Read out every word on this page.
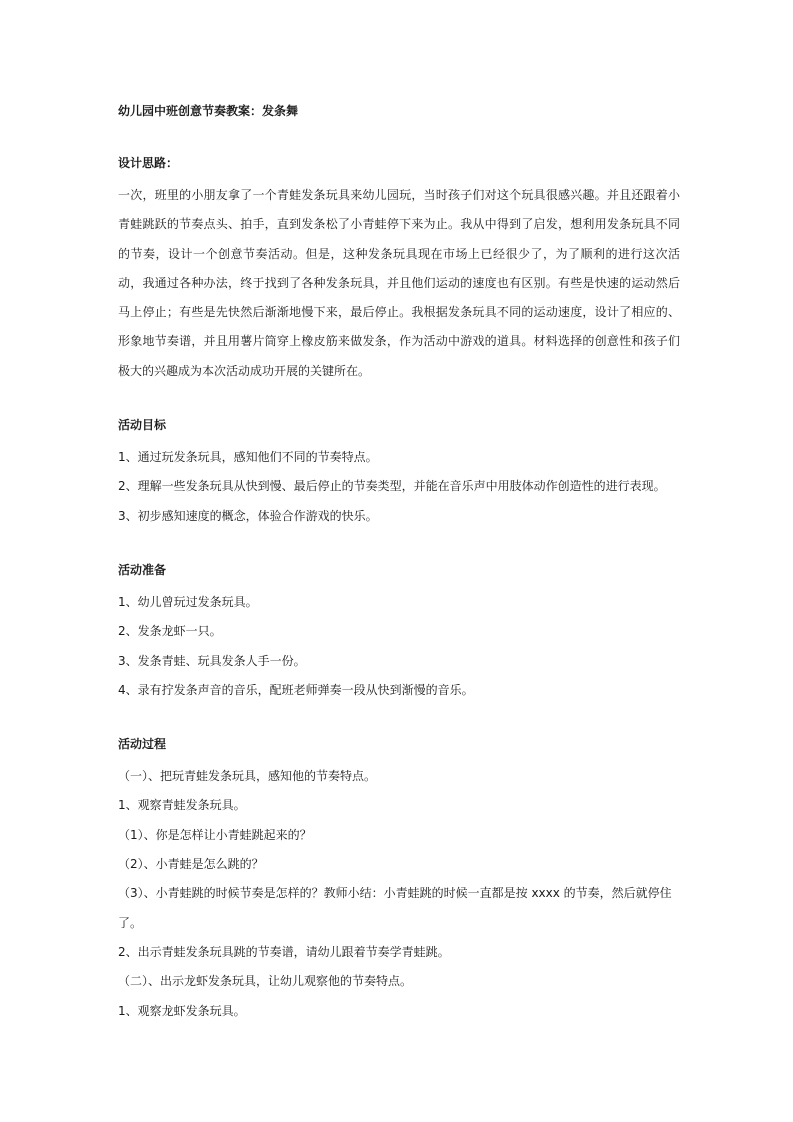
幼儿园中班创意节奏教案：发条舞
设计思路：

一次，班里的小朋友拿了一个青蛙发条玩具来幼儿园玩，当时孩子们对这个玩具很感兴趣。并且还跟着小青蛙跳跃的节奏点头、拍手，直到发条松了小青蛙停下来为止。我从中得到了启发，想利用发条玩具不同的节奏，设计一个创意节奏活动。但是，这种发条玩具现在市场上已经很少了，为了顺利的进行这次活动，我通过各种办法，终于找到了各种发条玩具，并且他们运动的速度也有区别。有些是快速的运动然后马上停止；有些是先快然后渐渐地慢下来，最后停止。我根据发条玩具不同的运动速度，设计了相应的、形象地节奏谱，并且用薯片筒穿上橡皮筋来做发条，作为活动中游戏的道具。材料选择的创意性和孩子们极大的兴趣成为本次活动成功开展的关键所在。

活动目标

1、通过玩发条玩具，感知他们不同的节奏特点。

2、理解一些发条玩具从快到慢、最后停止的节奏类型，并能在音乐声中用肢体动作创造性的进行表现。

3、初步感知速度的概念，体验合作游戏的快乐。

活动准备

1、幼儿曾玩过发条玩具。

2、发条龙虾一只。

3、发条青蛙、玩具发条人手一份。

4、录有拧发条声音的音乐，配班老师弹奏一段从快到渐慢的音乐。

活动过程

（一）、把玩青蛙发条玩具，感知他的节奏特点。

1、观察青蛙发条玩具。

（1）、你是怎样让小青蛙跳起来的？

（2）、小青蛙是怎么跳的？

（3）、小青蛙跳的时候节奏是怎样的？教师小结：小青蛙跳的时候一直都是按 xxxx 的节奏，然后就停住了。

2、出示青蛙发条玩具跳的节奏谱，请幼儿跟着节奏学青蛙跳。

（二）、出示龙虾发条玩具，让幼儿观察他的节奏特点。

1、观察龙虾发条玩具。
